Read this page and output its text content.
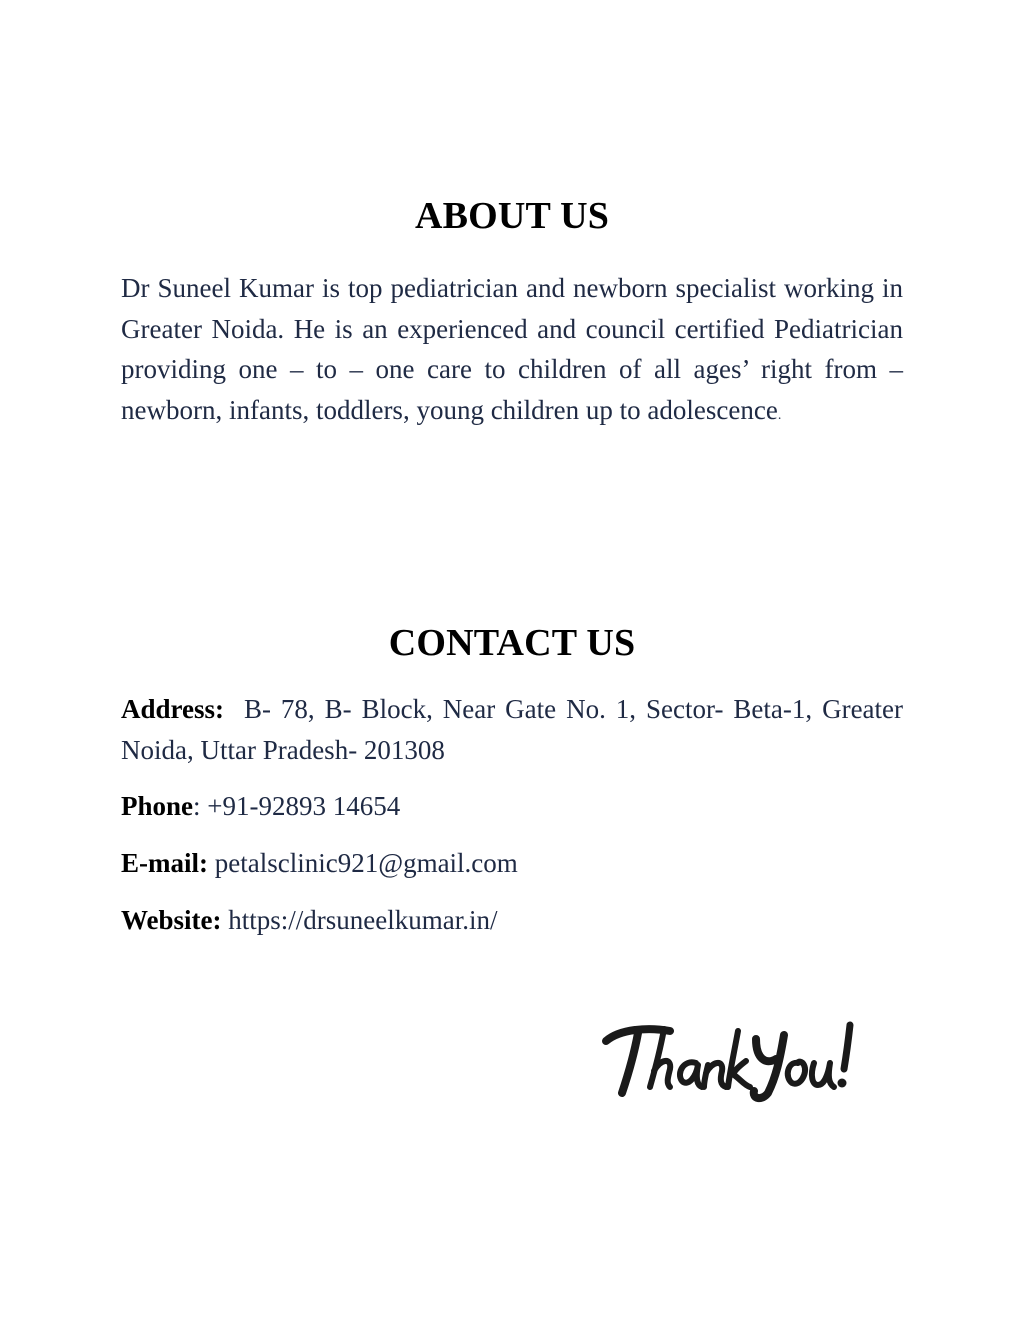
ABOUT US
Dr Suneel Kumar is top pediatrician and newborn specialist working in Greater Noida. He is an experienced and council certified Pediatrician providing one – to – one care to children of all ages’ right from – newborn, infants, toddlers, young children up to adolescence.
CONTACT US
Address: B- 78, B- Block, Near Gate No. 1, Sector- Beta-1, Greater Noida, Uttar Pradesh- 201308
Phone: +91-92893 14654
E-mail: petalsclinic921@gmail.com
Website: https://drsuneelkumar.in/
